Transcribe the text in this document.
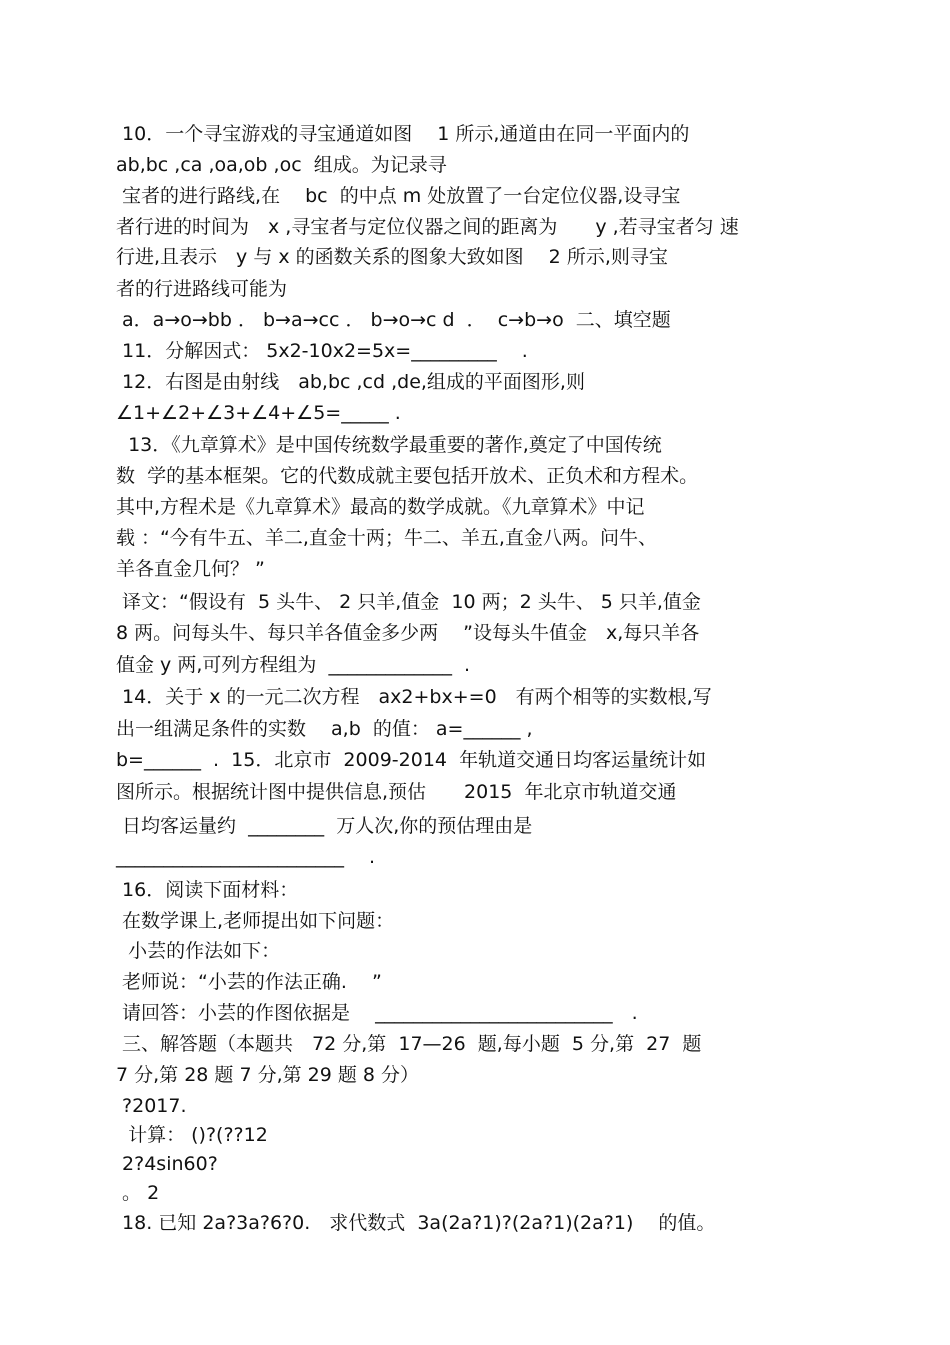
10．一个寻宝游戏的寻宝通道如图　 1 所示,通道由在同一平面内的
ab,bc ,ca ,oa,ob ,oc  组成。为记录寻
宝者的进行路线,在　 bc  的中点 m 处放置了一台定位仪器,设寻宝
者行进的时间为　x ,寻宝者与定位仪器之间的距离为　　y ,若寻宝者匀 速
行进,且表示　y 与 x 的函数关系的图象大致如图　 2 所示,则寻宝
者的行进路线可能为
a．a→o→bb ． b→a→cc ． b→o→c d  ．  c→b→o  二、填空题
11．分解因式： 5x2-10x2=5x=_________　 .
12．右图是由射线　ab,bc ,cd ,de,组成的平面图形,则
∠1+∠2+∠3+∠4+∠5=_____ .
13．《九章算术》是中国传统数学最重要的著作,奠定了中国传统
数  学的基本框架。它的代数成就主要包括开放术、正负术和方程术。
其中,方程术是《九章算术》最高的数学成就。《九章算术》中记
载 ：“今有牛五、羊二,直金十两；牛二、羊五,直金八两。问牛、
羊各直金几何？ ”
译文：“假设有  5 头牛、 2 只羊,值金  10 两；2 头牛、 5 只羊,值金
8 两。问每头牛、每只羊各值金多少两　 ”设每头牛值金　x,每只羊各
值金 y 两,可列方程组为  _____________  .
14．关于 x 的一元二次方程　ax2+bx+=0　有两个相等的实数根,写
出一组满足条件的实数　 a,b  的值： a=______ ,
b=______  .  15．北京市  2009-2014  年轨道交通日均客运量统计如
图所示。根据统计图中提供信息,预估　　2015  年北京市轨道交通
日均客运量约  ________  万人次,你的预估理由是
________________________　 .
16．阅读下面材料：
在数学课上,老师提出如下问题：
小芸的作法如下：
老师说：“小芸的作法正确.　 ”
请回答：小芸的作图依据是　 _________________________　.
三、解答题（本题共　72 分,第  17—26  题,每小题  5 分,第  27  题
7 分,第 28 题 7 分,第 29 题 8 分）
?2017.
计算： ()?(??12
2?4sin60?
。 2
18. 已知 2a?3a?6?0.　求代数式  3a(2a?1)?(2a?1)(2a?1)　 的值。
